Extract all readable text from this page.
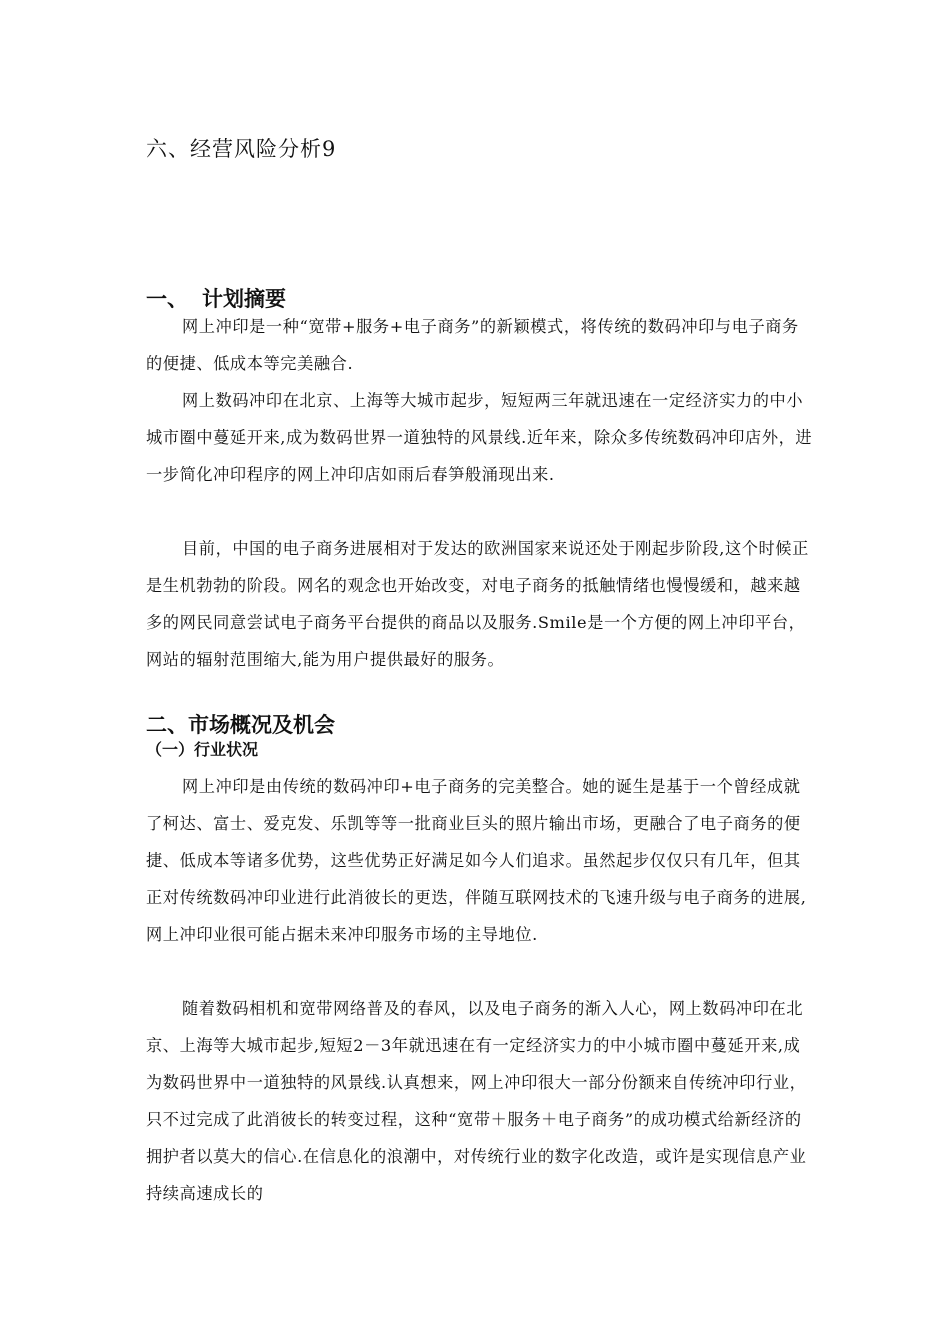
六、经营风险分析9
一、 计划摘要

网上冲印是一种“宽带+服务+电子商务”的新颖模式，将传统的数码冲印与电子商务的便捷、低成本等完美融合.

网上数码冲印在北京、上海等大城市起步，短短两三年就迅速在一定经济实力的中小城市圈中蔓延开来,成为数码世界一道独特的风景线.近年来，除众多传统数码冲印店外，进一步简化冲印程序的网上冲印店如雨后春笋般涌现出来.

目前，中国的电子商务进展相对于发达的欧洲国家来说还处于刚起步阶段,这个时候正是生机勃勃的阶段。网名的观念也开始改变，对电子商务的抵触情绪也慢慢缓和，越来越多的网民同意尝试电子商务平台提供的商品以及服务.Smile是一个方便的网上冲印平台，网站的辐射范围缩大,能为用户提供最好的服务。

二、市场概况及机会
（一）行业状况

网上冲印是由传统的数码冲印+电子商务的完美整合。她的诞生是基于一个曾经成就了柯达、富士、爱克发、乐凯等等一批商业巨头的照片输出市场，更融合了电子商务的便捷、低成本等诸多优势，这些优势正好满足如今人们追求。虽然起步仅仅只有几年，但其正对传统数码冲印业进行此消彼长的更迭，伴随互联网技术的飞速升级与电子商务的进展,网上冲印业很可能占据未来冲印服务市场的主导地位.

随着数码相机和宽带网络普及的春风，以及电子商务的渐入人心，网上数码冲印在北京、上海等大城市起步,短短2－3年就迅速在有一定经济实力的中小城市圈中蔓延开来,成为数码世界中一道独特的风景线.认真想来，网上冲印很大一部分份额来自传统冲印行业，只不过完成了此消彼长的转变过程，这种“宽带＋服务＋电子商务”的成功模式给新经济的拥护者以莫大的信心.在信息化的浪潮中，对传统行业的数字化改造，或许是实现信息产业持续高速成长的
